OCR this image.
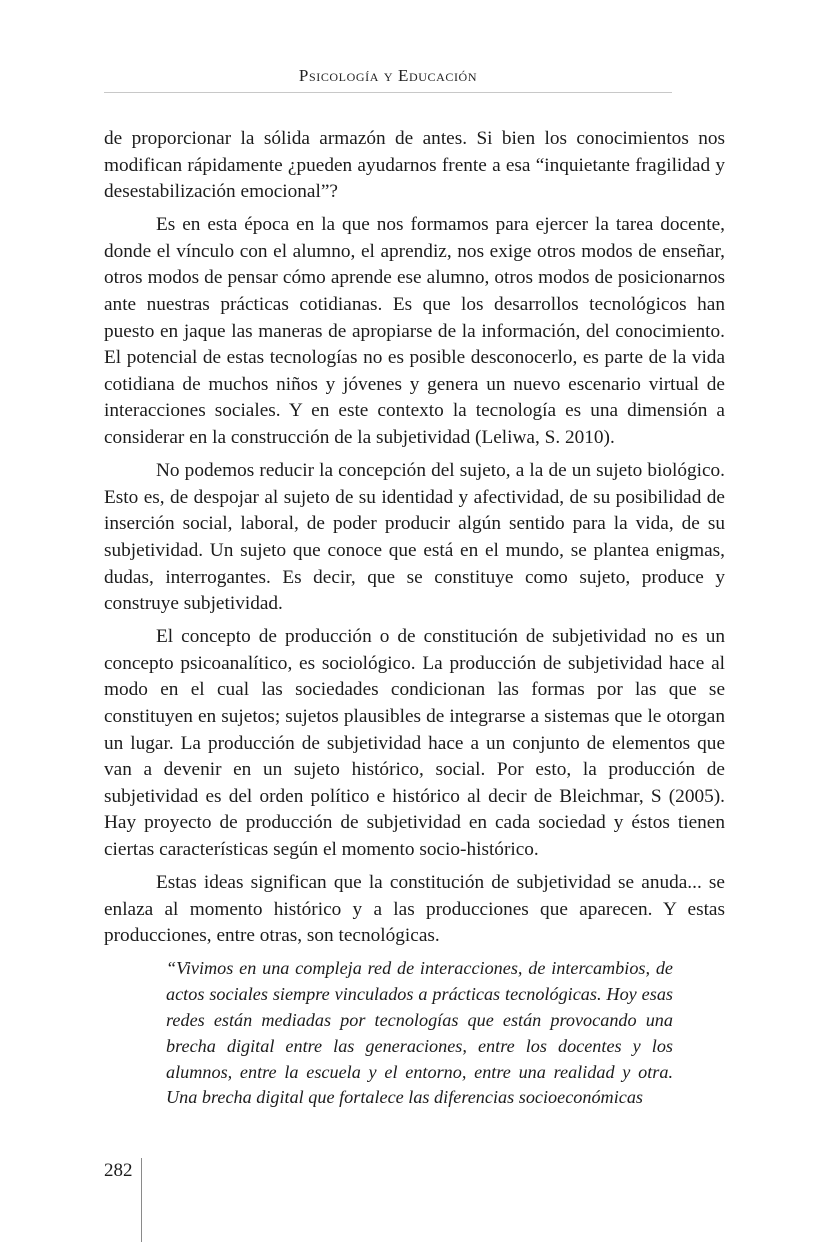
Psicología y Educación

de proporcionar la sólida armazón de antes. Si bien los conocimientos nos modifican rápidamente ¿pueden ayudarnos frente a esa “inquietante fragilidad y desestabilización emocional”?

Es en esta época en la que nos formamos para ejercer la tarea docente, donde el vínculo con el alumno, el aprendiz, nos exige otros modos de enseñar, otros modos de pensar cómo aprende ese alumno, otros modos de posicionarnos ante nuestras prácticas cotidianas. Es que los desarrollos tecnológicos han puesto en jaque las maneras de apropiarse de la información, del conocimiento. El potencial de estas tecnologías no es posible desconocerlo, es parte de la vida cotidiana de muchos niños y jóvenes y genera un nuevo escenario virtual de interacciones sociales. Y en este contexto la tecnología es una dimensión a considerar en la construcción de la subjetividad (Leliwa, S. 2010).

No podemos reducir la concepción del sujeto, a la de un sujeto biológico. Esto es, de despojar al sujeto de su identidad y afectividad, de su posibilidad de inserción social, laboral, de poder producir algún sentido para la vida, de su subjetividad. Un sujeto que conoce que está en el mundo, se plantea enigmas, dudas, interrogantes. Es decir, que se constituye como sujeto, produce y construye subjetividad.

El concepto de producción o de constitución de subjetividad no es un concepto psicoanalítico, es sociológico. La producción de subjetividad hace al modo en el cual las sociedades condicionan las formas por las que se constituyen en sujetos; sujetos plausibles de integrarse a sistemas que le otorgan un lugar. La producción de subjetividad hace a un conjunto de elementos que van a devenir en un sujeto histórico, social. Por esto, la producción de subjetividad es del orden político e histórico al decir de Bleichmar, S (2005). Hay proyecto de producción de subjetividad en cada sociedad y éstos tienen ciertas características según el momento socio-histórico.

Estas ideas significan que la constitución de subjetividad se anuda... se enlaza al momento histórico y a las producciones que aparecen. Y estas producciones, entre otras, son tecnológicas.

“Vivimos en una compleja red de interacciones, de intercambios, de actos sociales siempre vinculados a prácticas tecnológicas. Hoy esas redes están mediadas por tecnologías que están provocando una brecha digital entre las generaciones, entre los docentes y los alumnos, entre la escuela y el entorno, entre una realidad y otra. Una brecha digital que fortalece las diferencias socioeconómicas

282
